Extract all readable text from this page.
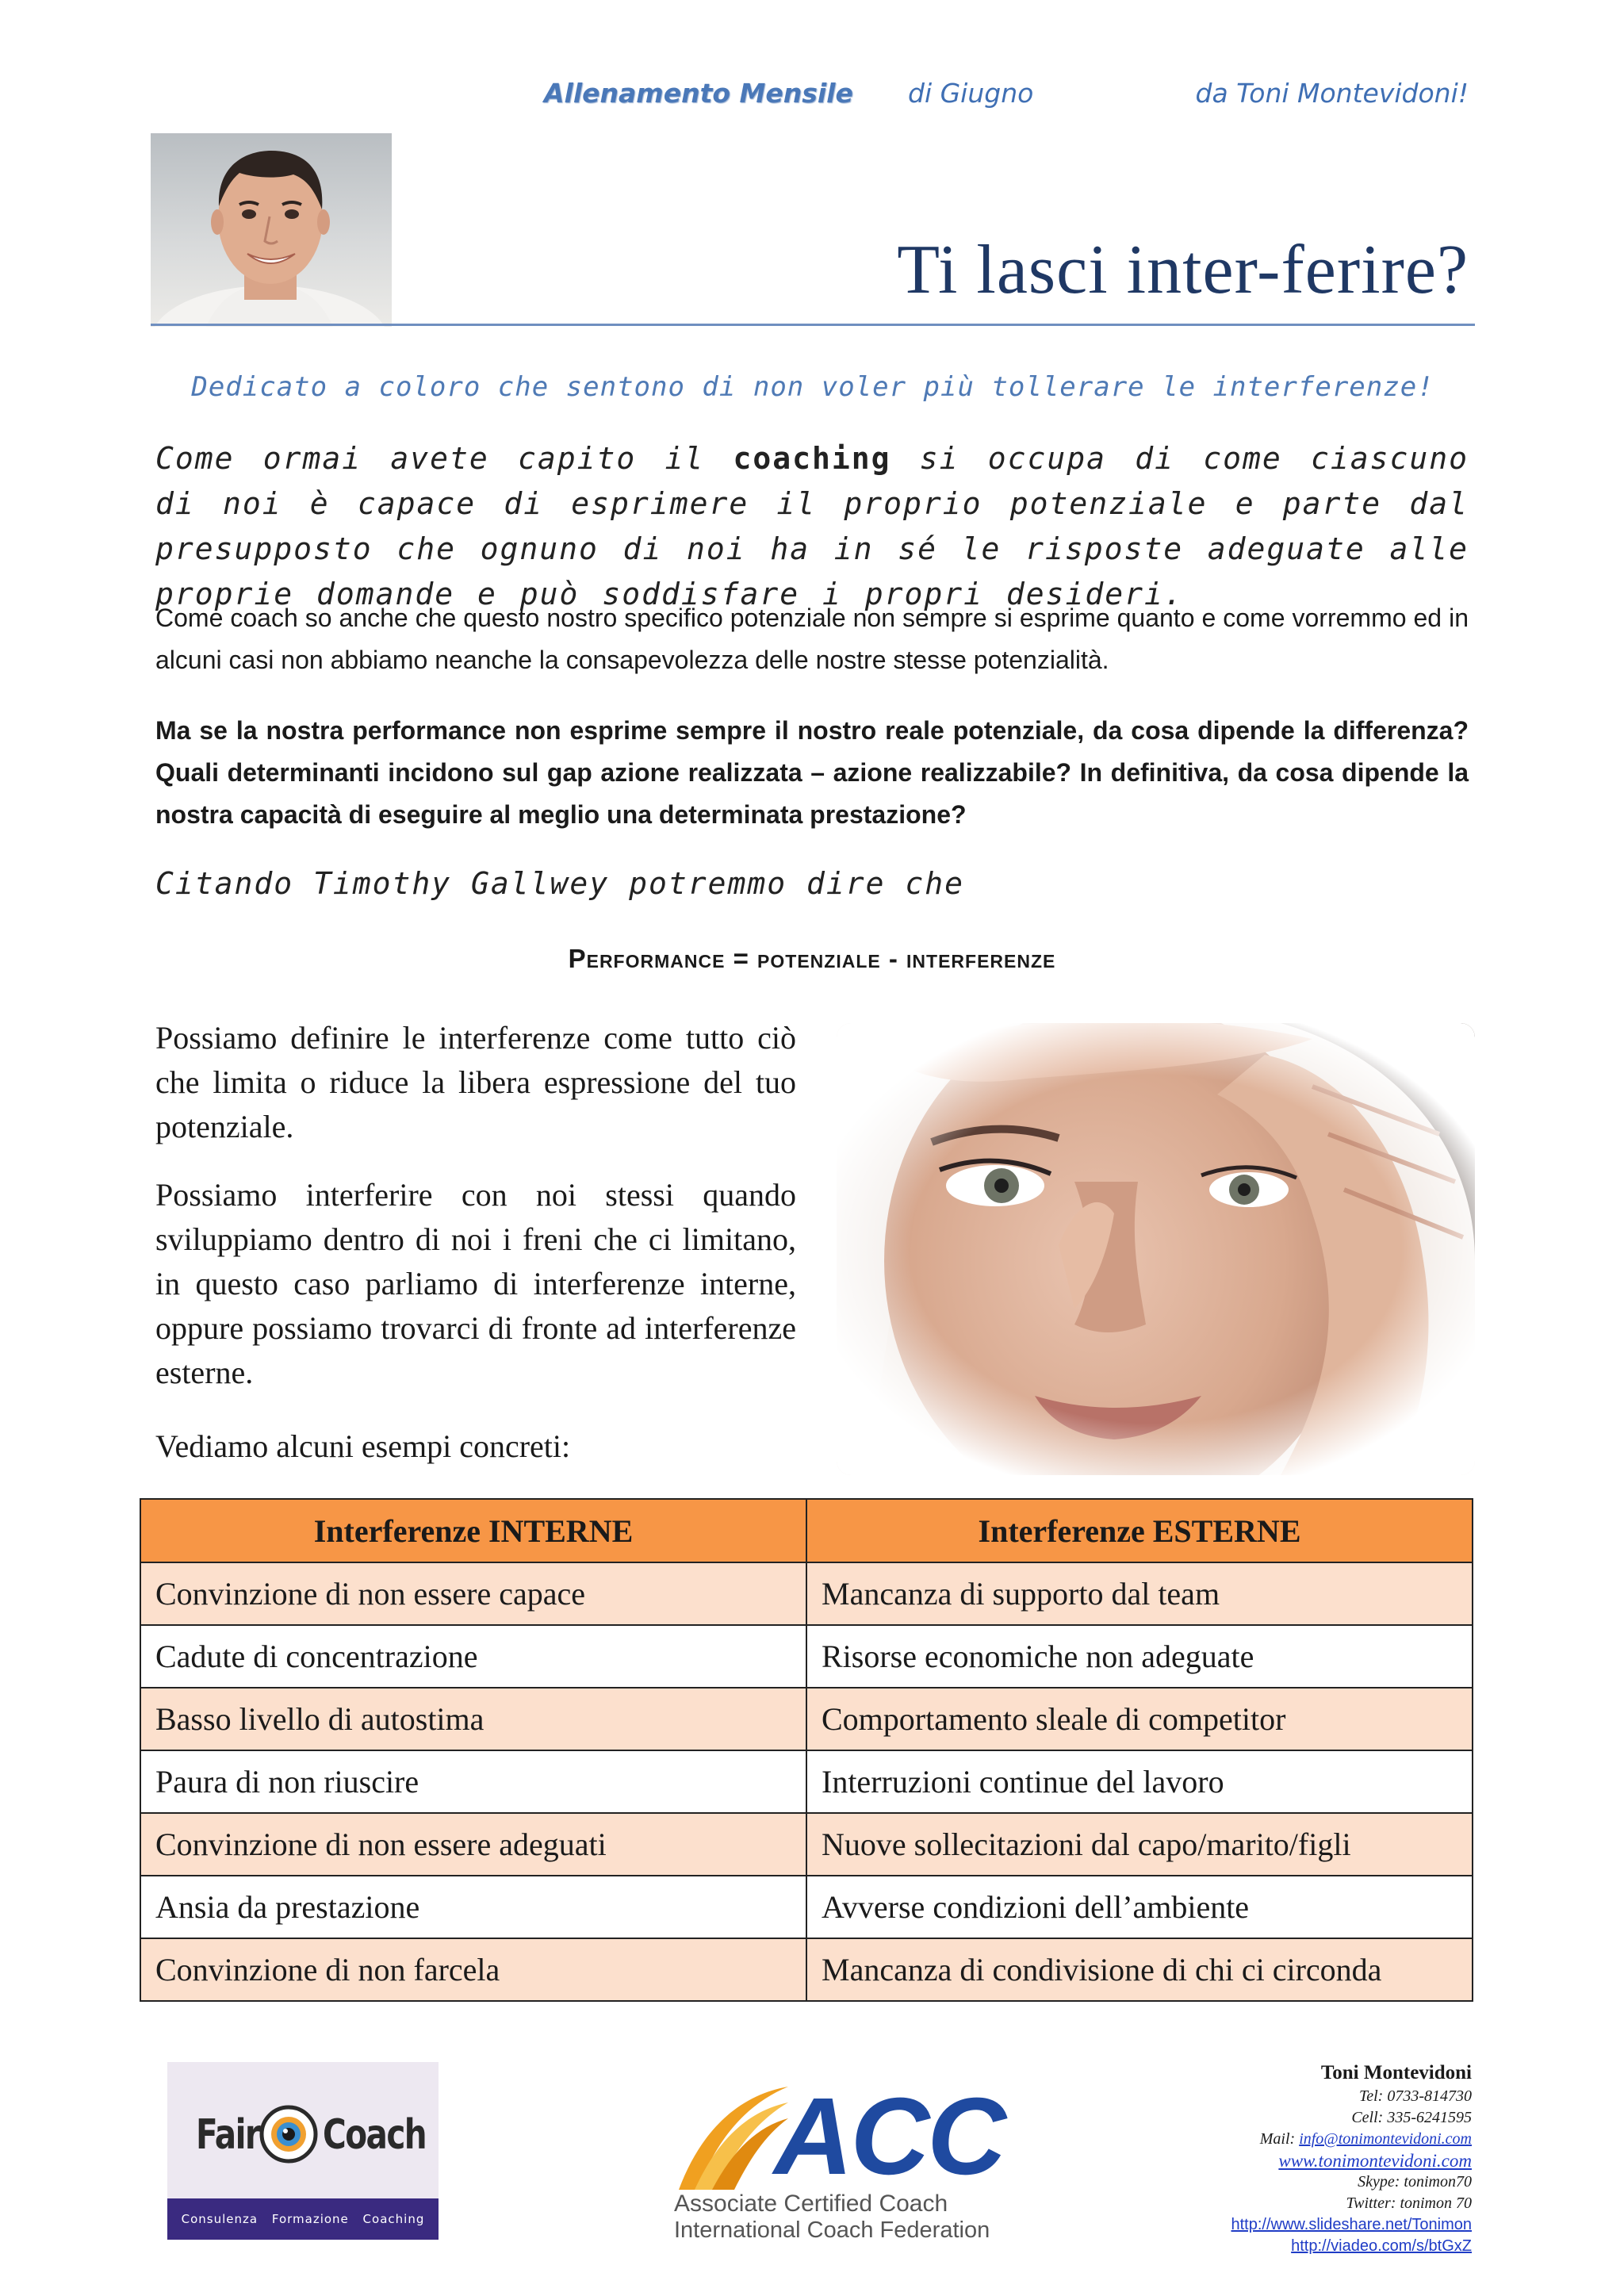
Allenamento Mensile di Giugno	da Toni Montevidoni!
Ti lasci inter-ferire?
Dedicato a coloro che sentono di non voler più tollerare le interferenze!

Come ormai avete capito il coaching si occupa di come ciascuno di noi è capace di esprimere il proprio potenziale e parte dal presupposto che ognuno di noi ha in sé le risposte adeguate alle proprie domande e può soddisfare i propri desideri.

Come coach so anche che questo nostro specifico potenziale non sempre si esprime quanto e come vorremmo ed in alcuni casi non abbiamo neanche la consapevolezza delle nostre stesse potenzialità.

Ma se la nostra performance non esprime sempre il nostro reale potenziale, da cosa dipende la differenza? Quali determinanti incidono sul gap azione realizzata – azione realizzabile? In definitiva, da cosa dipende la nostra capacità di eseguire al meglio una determinata prestazione?

Citando Timothy Gallwey potremmo dire che
Performance = potenziale - interferenze

Possiamo definire le interferenze come tutto ciò che limita o riduce la libera espressione del tuo potenziale.

Possiamo interferire con noi stessi quando sviluppiamo dentro di noi i freni che ci limitano, in questo caso parliamo di interferenze interne, oppure possiamo trovarci di fronte ad interferenze esterne.

Vediamo alcuni esempi concreti:

Interferenze INTERNE	Interferenze ESTERNE
Convinzione di non essere capace	Mancanza di supporto dal team
Cadute di concentrazione	Risorse economiche non adeguate
Basso livello di autostima	Comportamento sleale di competitor
Paura di non riuscire	Interruzioni continue del lavoro
Convinzione di non essere adeguati	Nuove sollecitazioni dal capo/marito/figli
Ansia da prestazione	Avverse condizioni dell’ambiente
Convinzione di non farcela	Mancanza di condivisione di chi ci circonda
Fair Coach
Consulenza Formazione Coaching
ACC
Associate Certified Coach
International Coach Federation
Toni Montevidoni
Tel: 0733-814730
Cell: 335-6241595
Mail: info@tonimontevidoni.com
www.tonimontevidoni.com
Skype: tonimon70
Twitter: tonimon 70
http://www.slideshare.net/Tonimon
http://viadeo.com/s/btGxZ
